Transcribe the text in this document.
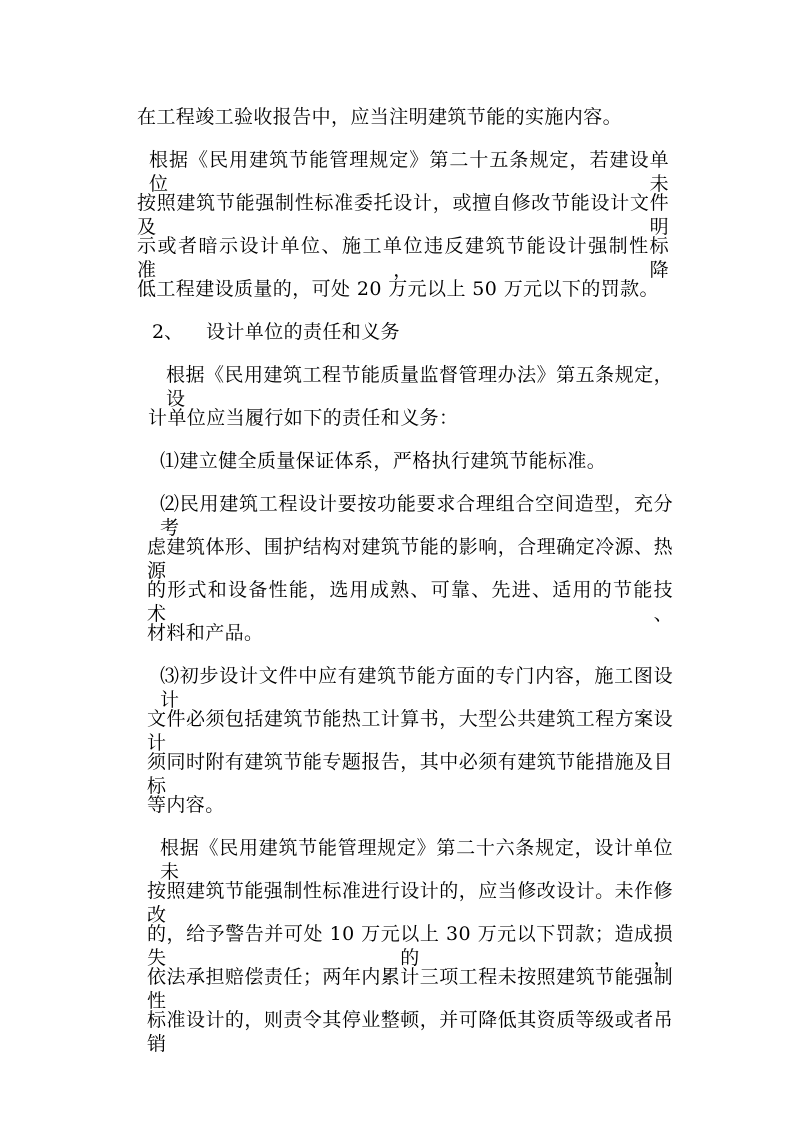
在工程竣工验收报告中，应当注明建筑节能的实施内容。
根据《民用建筑节能管理规定》第二十五条规定，若建设单位未
按照建筑节能强制性标准委托设计，或擅自修改节能设计文件及明
示或者暗示设计单位、施工单位违反建筑节能设计强制性标准，降
低工程建设质量的，可处 20 万元以上 50 万元以下的罚款。
2、 设计单位的责任和义务
根据《民用建筑工程节能质量监督管理办法》第五条规定，设
计单位应当履行如下的责任和义务：
⑴建立健全质量保证体系，严格执行建筑节能标准。
⑵民用建筑工程设计要按功能要求合理组合空间造型，充分考
虑建筑体形、围护结构对建筑节能的影响，合理确定冷源、热源
的形式和设备性能，选用成熟、可靠、先进、适用的节能技术、
材料和产品。
⑶初步设计文件中应有建筑节能方面的专门内容，施工图设计
文件必须包括建筑节能热工计算书，大型公共建筑工程方案设计
须同时附有建筑节能专题报告，其中必须有建筑节能措施及目标
等内容。
根据《民用建筑节能管理规定》第二十六条规定，设计单位未
按照建筑节能强制性标准进行设计的，应当修改设计。未作修改
的，给予警告并可处 10 万元以上 30 万元以下罚款；造成损失的，
依法承担赔偿责任；两年内累计三项工程未按照建筑节能强制性
标准设计的，则责令其停业整顿，并可降低其资质等级或者吊销
